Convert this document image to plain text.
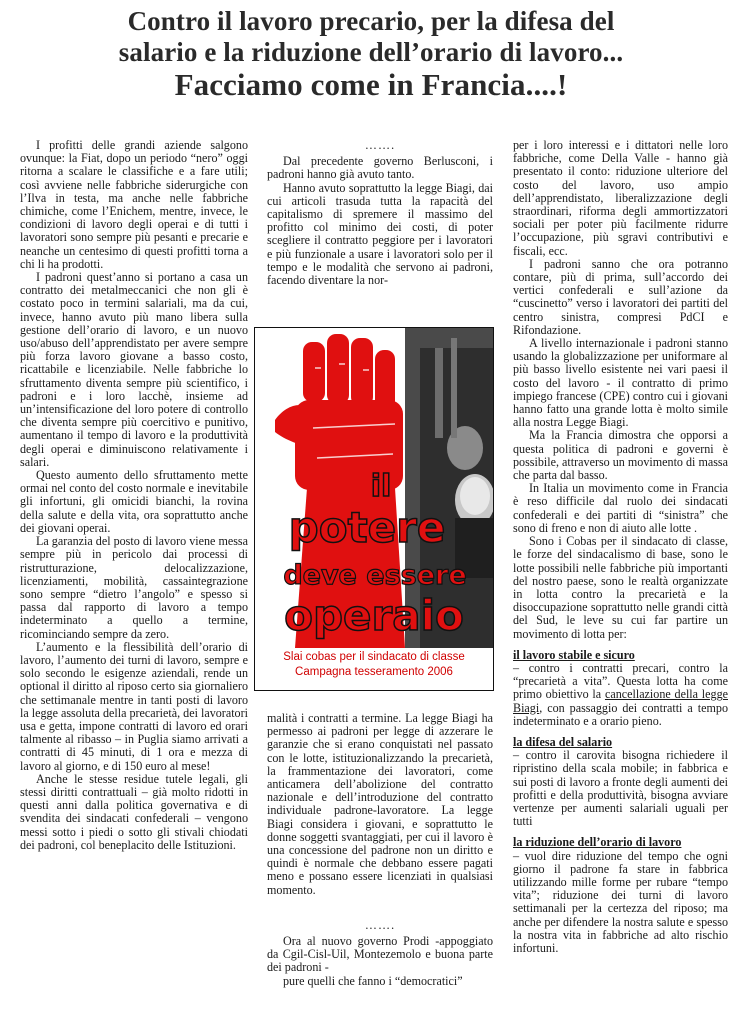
Contro il lavoro precario, per la difesa del
salario e la riduzione dell’orario di lavoro...
Facciamo come in Francia....!

I profitti delle grandi aziende salgono ovunque: la Fiat, dopo un periodo “nero” oggi ritorna a scalare le classifiche e a fare utili; così avviene nelle fabbriche siderurgiche con l’Ilva in testa, ma anche nelle fabbriche chimiche, come l’Enichem, mentre, invece, le condizioni di lavoro degli operai e di tutti i lavoratori sono sempre più pesanti e precarie e neanche un centesimo di questi profitti torna a chi li ha prodotti.

I padroni quest’anno si portano a casa un contratto dei metalmeccanici che non gli è costato poco in termini salariali, ma da cui, invece, hanno avuto più mano libera sulla gestione dell’orario di lavoro, e un nuovo uso/abuso dell’apprendistato per avere sempre più forza lavoro giovane a basso costo, ricattabile e licenziabile. Nelle fabbriche lo sfruttamento diventa sempre più scientifico, i padroni e i loro lacchè, insieme ad un’intensificazione del loro potere di controllo che diventa sempre più coercitivo e punitivo, aumentano il tempo di lavoro e la produttività degli operai e diminuiscono relativamente i salari.

Questo aumento dello sfruttamento mette ormai nel conto del costo normale e inevitabile gli infortuni, gli omicidi bianchi, la rovina della salute e della vita, ora soprattutto anche dei giovani operai.

La garanzia del posto di lavoro viene messa sempre più in pericolo dai processi di ristrutturazione, delocalizzazione, licenziamenti, mobilità, cassaintegrazione sono sempre “dietro l’angolo” e spesso si passa dal rapporto di lavoro a tempo indeterminato a quello a termine, ricominciando sempre da zero.

L’aumento e la flessibilità dell’orario di lavoro, l’aumento dei turni di lavoro, sempre e solo secondo le esigenze aziendali, rende un optional il diritto al riposo certo sia giornaliero che settimanale mentre in tanti posti di lavoro la legge assoluta della precarietà, dei lavoratori usa e getta, impone contratti di lavoro ed orari talmente al ribasso – in Puglia siamo arrivati a contratti di 45 minuti, di 1 ora e mezza di lavoro al giorno, e di 150 euro al mese!

Anche le stesse residue tutele legali, gli stessi diritti contrattuali – già molto ridotti in questi anni dalla politica governativa e di svendita dei sindacati confederali – vengono messi sotto i piedi o sotto gli stivali chiodati dei padroni, col beneplacito delle Istituzioni.

…….

Dal precedente governo Berlusconi, i padroni hanno già avuto tanto.

Hanno avuto soprattutto la legge Biagi, dai cui articoli trasuda tutta la rapacità del capitalismo di spremere il massimo del profitto col minimo dei costi, di poter scegliere il contratto peggiore per i lavoratori e più funzionale a usare i lavoratori solo per il tempo e le modalità che servono ai padroni, facendo diventare la nor-

il
potere
deve essere
operaio
Slai cobas per il sindacato di classe
Campagna tesseramento 2006

malità i contratti a termine. La legge Biagi ha permesso ai padroni per legge di azzerare le garanzie che si erano conquistati nel passato con le lotte, istituzionalizzando la precarietà, la frammentazione dei lavoratori, come anticamera dell’abolizione del contratto nazionale e dell’introduzione del contratto individuale padrone-lavoratore. La legge Biagi considera i giovani, e soprattutto le donne soggetti svantaggiati, per cui il lavoro è una concessione del padrone non un diritto e quindi è normale che debbano essere pagati meno e possano essere licenziati in qualsiasi momento.

…….

Ora al nuovo governo Prodi -appoggiato da Cgil-Cisl-Uil, Montezemolo e buona parte dei padroni -

pure quelli che fanno i “democratici”

per i loro interessi e i dittatori nelle loro fabbriche, come Della Valle - hanno già presentato il conto: riduzione ulteriore del costo del lavoro, uso ampio dell’apprendistato, liberalizzazione degli straordinari, riforma degli ammortizzatori sociali per poter più facilmente ridurre l’occupazione, più sgravi contributivi e fiscali, ecc.

I padroni sanno che ora potranno contare, più di prima, sull’accordo dei vertici confederali e sull’azione da “cuscinetto” verso i lavoratori dei partiti del centro sinistra, compresi PdCI e Rifondazione.

A livello internazionale i padroni stanno usando la globalizzazione per uniformare al più basso livello esistente nei vari paesi il costo del lavoro - il contratto di primo impiego francese (CPE) contro cui i giovani hanno fatto una grande lotta è molto simile alla nostra Legge Biagi.

Ma la Francia dimostra che opporsi a questa politica di padroni e governi è possibile, attraverso un movimento di massa che parta dal basso.

In Italia un movimento come in Francia è reso difficile dal ruolo dei sindacati confederali e dei partiti di “sinistra” che sono di freno e non di aiuto alle lotte .

Sono i Cobas per il sindacato di classe, le forze del sindacalismo di base, sono le lotte possibili nelle fabbriche più importanti del nostro paese, sono le realtà organizzate in lotta contro la precarietà e la disoccupazione soprattutto nelle grandi città del Sud, le leve su cui far partire un movimento di lotta per:

il lavoro stabile e sicuro

– contro i contratti precari, contro la “precarietà a vita”. Questa lotta ha come primo obiettivo la cancellazione della legge Biagi, con passaggio dei contratti a tempo indeterminato e a orario pieno.

la difesa del salario

– contro il carovita bisogna richiedere il ripristino della scala mobile; in fabbrica e sui posti di lavoro a fronte degli aumenti dei profitti e della produttività, bisogna avviare vertenze per aumenti salariali uguali per tutti

la riduzione dell’orario di lavoro

– vuol dire riduzione del tempo che ogni giorno il padrone fa stare in fabbrica utilizzando mille forme per rubare “tempo vita”; riduzione dei turni di lavoro settimanali per la certezza del riposo; ma anche per difendere la nostra salute e spesso la nostra vita in fabbriche ad alto rischio infortuni.
